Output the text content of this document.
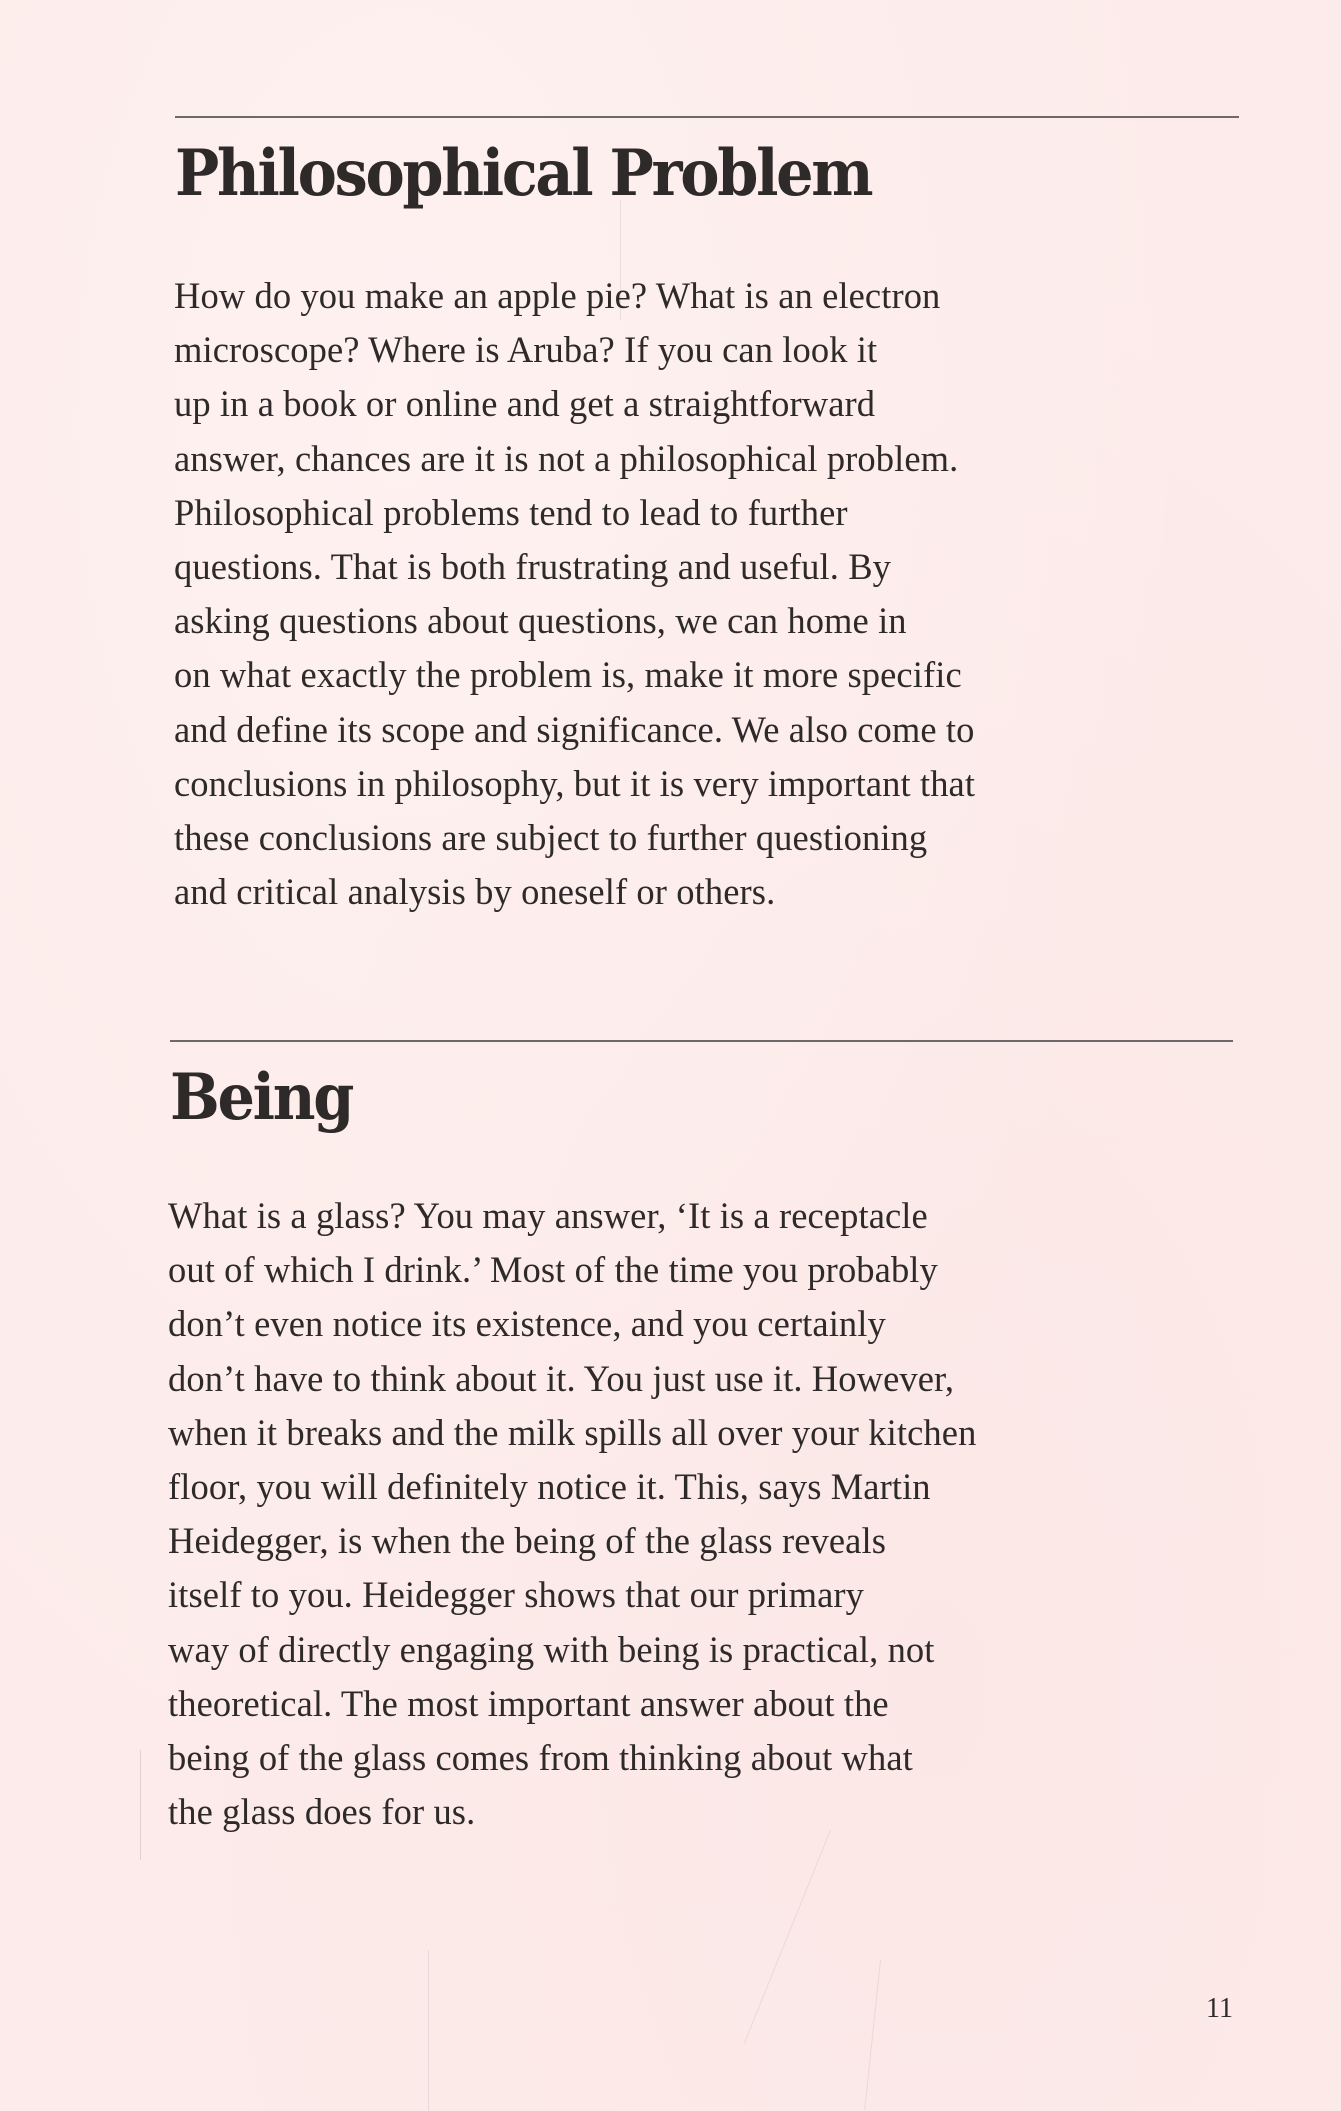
Philosophical Problem

How do you make an apple pie? What is an electron
microscope? Where is Aruba? If you can look it
up in a book or online and get a straightforward
answer, chances are it is not a philosophical problem.
Philosophical problems tend to lead to further
questions. That is both frustrating and useful. By
asking questions about questions, we can home in
on what exactly the problem is, make it more specific
and define its scope and significance. We also come to
conclusions in philosophy, but it is very important that
these conclusions are subject to further questioning
and critical analysis by oneself or others.

Being

What is a glass? You may answer, ‘It is a receptacle
out of which I drink.’ Most of the time you probably
don’t even notice its existence, and you certainly
don’t have to think about it. You just use it. However,
when it breaks and the milk spills all over your kitchen
floor, you will definitely notice it. This, says Martin
Heidegger, is when the being of the glass reveals
itself to you. Heidegger shows that our primary
way of directly engaging with being is practical, not
theoretical. The most important answer about the
being of the glass comes from thinking about what
the glass does for us.

11
